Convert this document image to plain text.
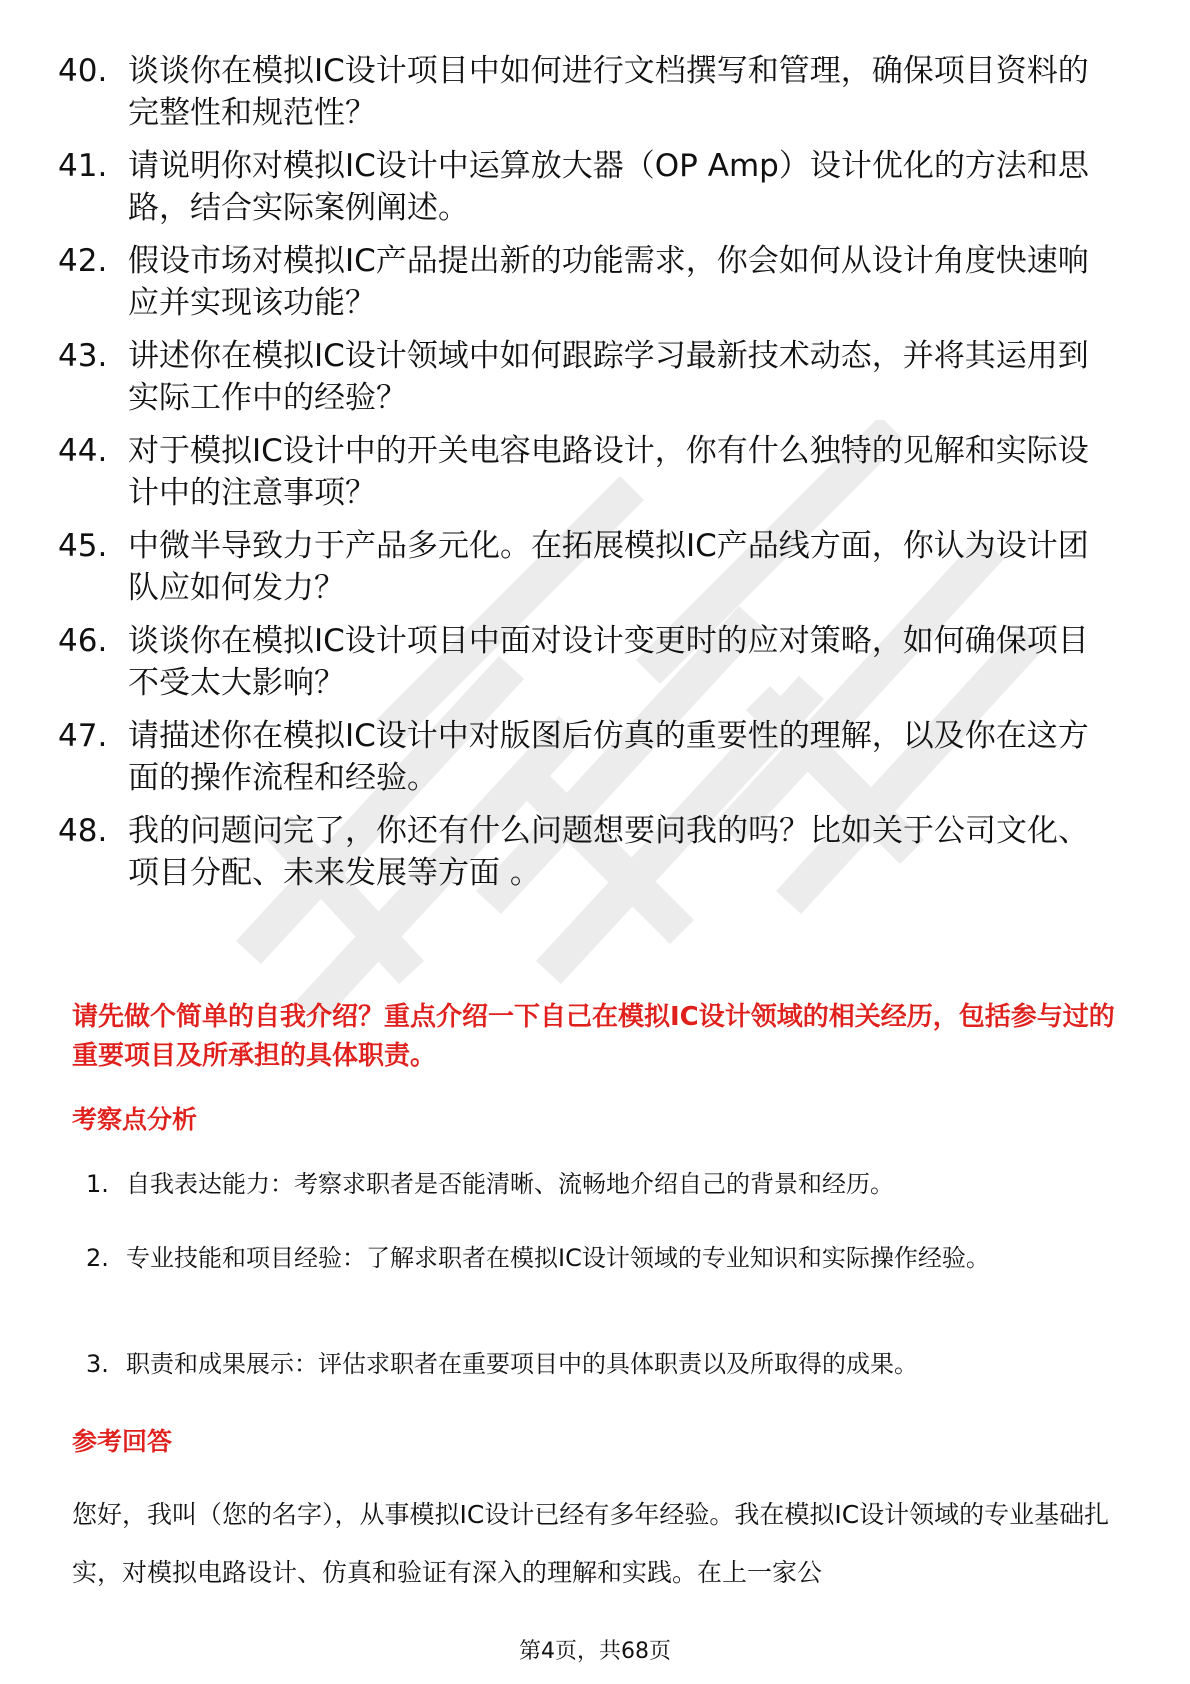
40. 谈谈你在模拟IC设计项目中如何进行文档撰写和管理，确保项目资料的完整性和规范性？
41. 请说明你对模拟IC设计中运算放大器（OP Amp）设计优化的方法和思路，结合实际案例阐述。
42. 假设市场对模拟IC产品提出新的功能需求，你会如何从设计角度快速响应并实现该功能？
43. 讲述你在模拟IC设计领域中如何跟踪学习最新技术动态，并将其运用到实际工作中的经验？
44. 对于模拟IC设计中的开关电容电路设计，你有什么独特的见解和实际设计中的注意事项？
45. 中微半导致力于产品多元化。在拓展模拟IC产品线方面，你认为设计团队应如何发力？
46. 谈谈你在模拟IC设计项目中面对设计变更时的应对策略，如何确保项目不受太大影响？
47. 请描述你在模拟IC设计中对版图后仿真的重要性的理解，以及你在这方面的操作流程和经验。
48. 我的问题问完了，你还有什么问题想要问我的吗？比如关于公司文化、项目分配、未来发展等方面 。
请先做个简单的自我介绍？重点介绍一下自己在模拟IC设计领域的相关经历，包括参与过的重要项目及所承担的具体职责。
考察点分析
1. 自我表达能力：考察求职者是否能清晰、流畅地介绍自己的背景和经历。
2. 专业技能和项目经验：了解求职者在模拟IC设计领域的专业知识和实际操作经验。
3. 职责和成果展示：评估求职者在重要项目中的具体职责以及所取得的成果。
参考回答
您好，我叫（您的名字），从事模拟IC设计已经有多年经验。我在模拟IC设计领域的专业基础扎实，对模拟电路设计、仿真和验证有深入的理解和实践。在上一家公
第4页，共68页
